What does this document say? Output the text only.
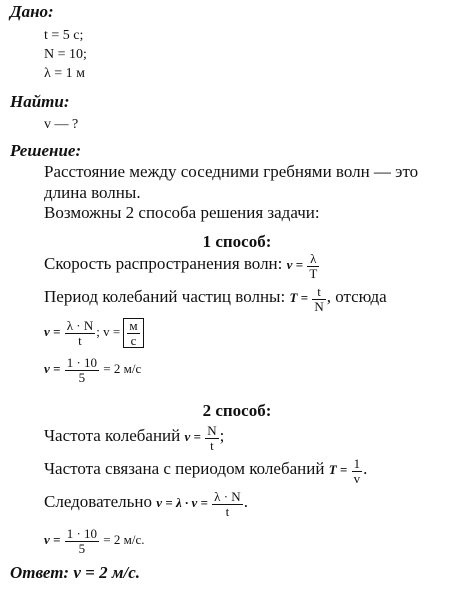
Дано:
t = 5 с;
N = 10;
λ = 1 м
Найти:
v — ?
Решение:
Расстояние между соседними гребнями волн — это
длина волны.
Возможны 2 способа решения задачи:
1 способ:
Скорость распространения волн: $v = \frac{\lambda}{T}$
Период колебаний частиц волны: $T = \frac{t}{N}$ , отсюда
$v = \frac{\lambda \cdot N}{t}$ ; $v = \frac{м}{с}$
$v = \frac{1 \cdot 10}{5} = 2$ м/с
2 способ:
Частота колебаний $v = \frac{N}{t}$ ;
Частота связана с периодом колебаний $T = \frac{1}{v}$ .
Следовательно $v = \lambda \cdot v = \frac{\lambda \cdot N}{t}$ .
$v = \frac{1 \cdot 10}{5} = 2$ м/с.
Ответ: v = 2 м/с.
